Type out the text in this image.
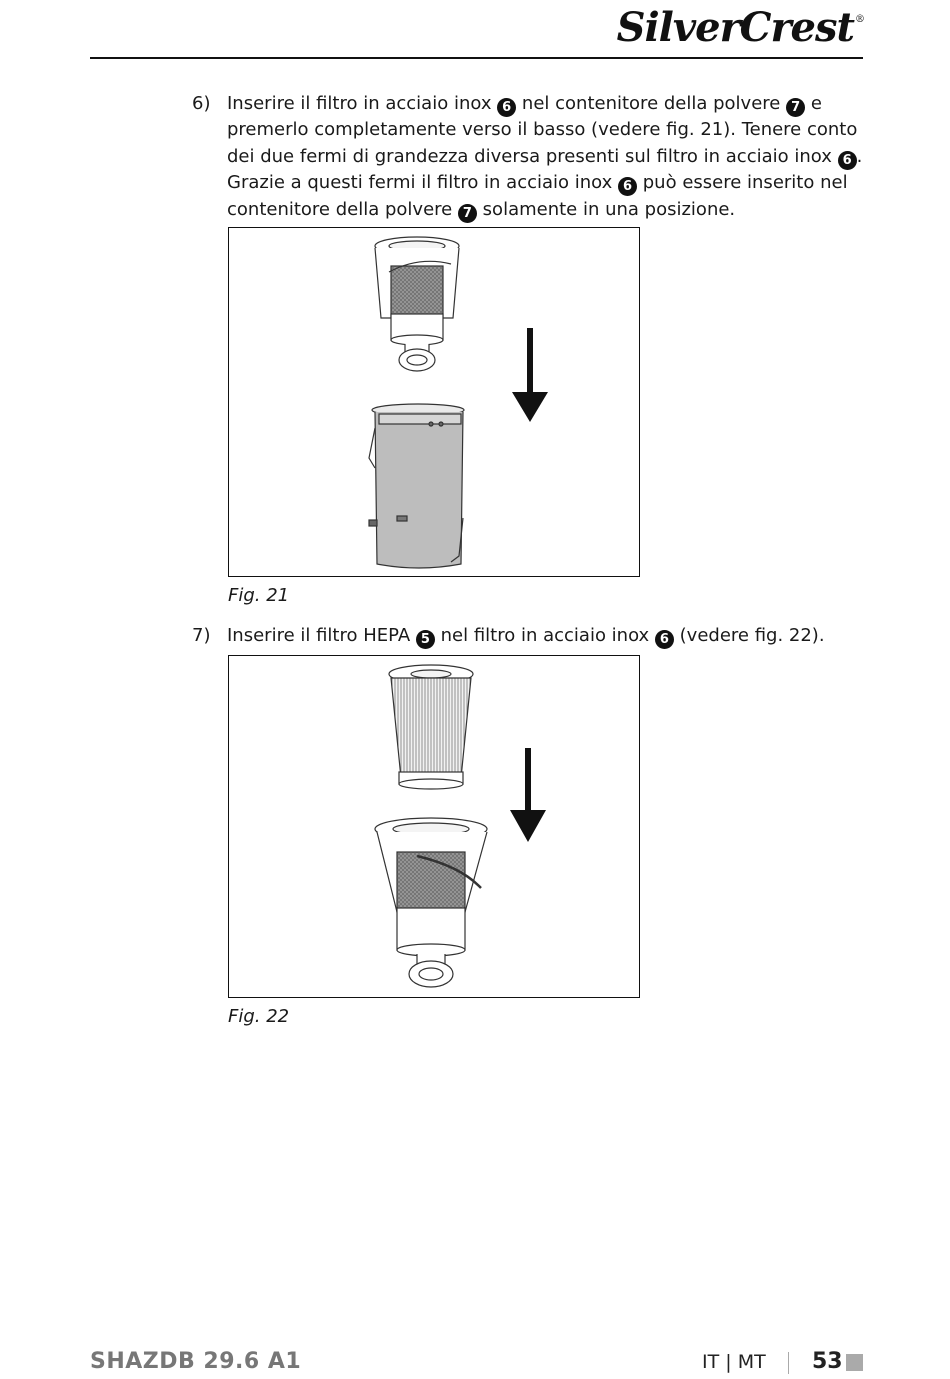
SilverCrest®
6) Inserire il filtro in acciaio inox 6 nel contenitore della polvere 7 e premerlo completamente verso il basso (vedere fig. 21). Tenere conto dei due fermi di grandezza diversa presenti sul filtro in acciaio inox 6 . Grazie a questi fermi il filtro in acciaio inox 6 può essere inserito nel contenitore della polvere 7 solamente in una posizione.
Fig. 21
7) Inserire il filtro HEPA 5 nel filtro in acciaio inox 6 (vedere fig. 22).
Fig. 22
SHAZDB 29.6 A1	IT | MT 53
